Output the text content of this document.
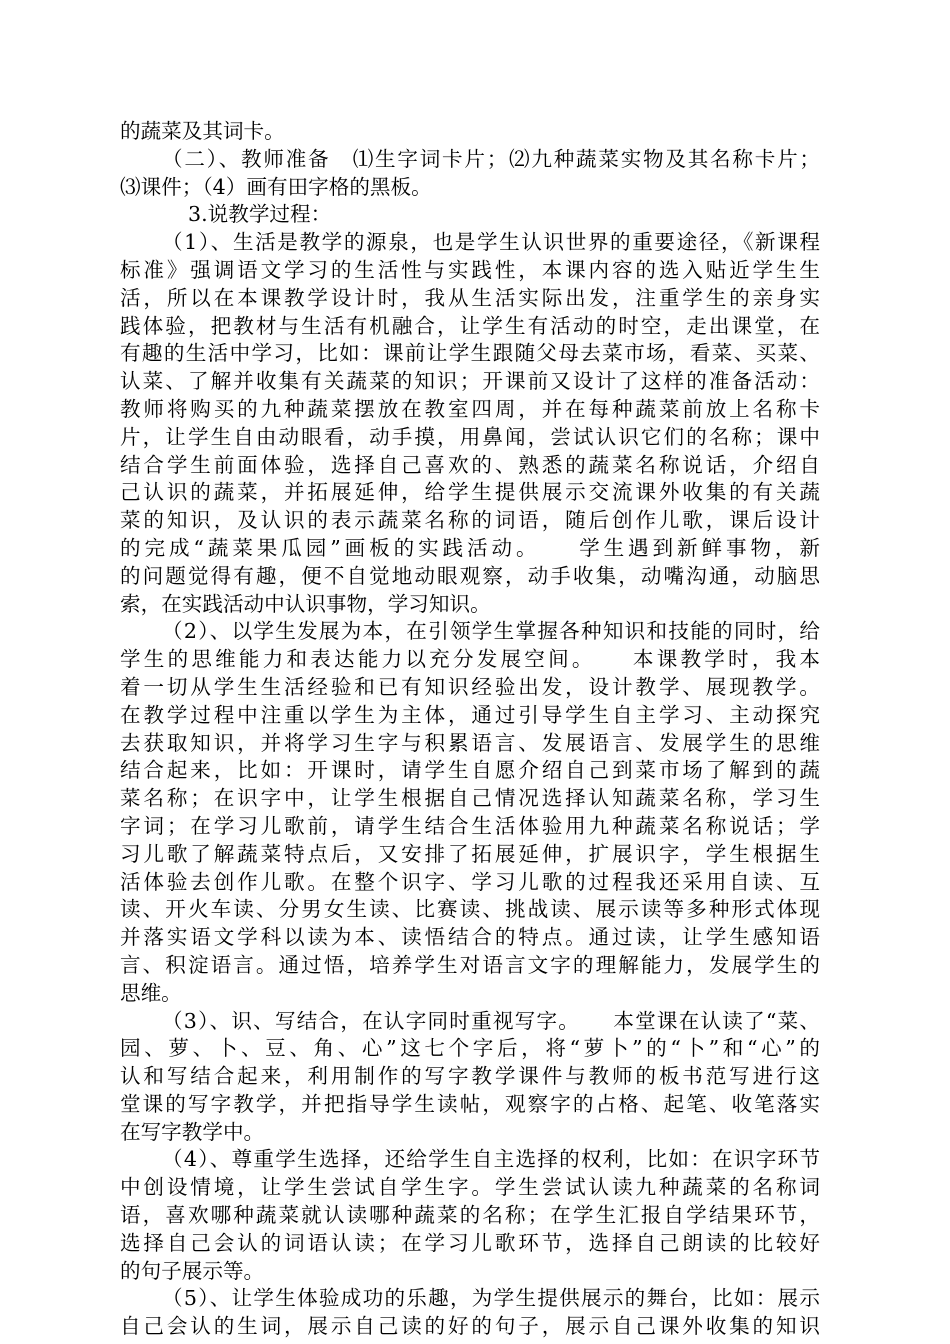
的蔬菜及其词卡。
（二）、教师准备　⑴生字词卡片；⑵九种蔬菜实物及其名称卡片；
⑶课件；（4）画有田字格的黑板。
3.说教学过程：
（1）、生活是教学的源泉，也是学生认识世界的重要途径，《新课程
标准》强调语文学习的生活性与实践性，本课内容的选入贴近学生生
活，所以在本课教学设计时，我从生活实际出发，注重学生的亲身实
践体验，把教材与生活有机融合，让学生有活动的时空，走出课堂，在
有趣的生活中学习，比如：课前让学生跟随父母去菜市场，看菜、买菜、
认菜、了解并收集有关蔬菜的知识；开课前又设计了这样的准备活动：
教师将购买的九种蔬菜摆放在教室四周，并在每种蔬菜前放上名称卡
片，让学生自由动眼看，动手摸，用鼻闻，尝试认识它们的名称；课中
结合学生前面体验，选择自己喜欢的、熟悉的蔬菜名称说话，介绍自
己认识的蔬菜，并拓展延伸，给学生提供展示交流课外收集的有关蔬
菜的知识，及认识的表示蔬菜名称的词语，随后创作儿歌，课后设计
的完成“蔬菜果瓜园”画板的实践活动。　　学生遇到新鲜事物，新
的问题觉得有趣，便不自觉地动眼观察，动手收集，动嘴沟通，动脑思
索，在实践活动中认识事物，学习知识。
（2）、以学生发展为本，在引领学生掌握各种知识和技能的同时，给
学生的思维能力和表达能力以充分发展空间。　　本课教学时，我本
着一切从学生生活经验和已有知识经验出发，设计教学、展现教学。
在教学过程中注重以学生为主体，通过引导学生自主学习、主动探究
去获取知识，并将学习生字与积累语言、发展语言、发展学生的思维
结合起来，比如：开课时，请学生自愿介绍自己到菜市场了解到的蔬
菜名称；在识字中，让学生根据自己情况选择认知蔬菜名称，学习生
字词；在学习儿歌前，请学生结合生活体验用九种蔬菜名称说话；学
习儿歌了解蔬菜特点后，又安排了拓展延伸，扩展识字，学生根据生
活体验去创作儿歌。在整个识字、学习儿歌的过程我还采用自读、互
读、开火车读、分男女生读、比赛读、挑战读、展示读等多种形式体现
并落实语文学科以读为本、读悟结合的特点。通过读，让学生感知语
言、积淀语言。通过悟，培养学生对语言文字的理解能力，发展学生的
思维。
（3）、识、写结合，在认字同时重视写字。　　本堂课在认读了“菜、
园、萝、卜、豆、角、心”这七个字后，将“萝卜”的“卜”和“心”的
认和写结合起来，利用制作的写字教学课件与教师的板书范写进行这
堂课的写字教学，并把指导学生读帖，观察字的占格、起笔、收笔落实
在写字教学中。
（4）、尊重学生选择，还给学生自主选择的权利，比如：在识字环节
中创设情境，让学生尝试自学生字。学生尝试认读九种蔬菜的名称词
语，喜欢哪种蔬菜就认读哪种蔬菜的名称；在学生汇报自学结果环节，
选择自己会认的词语认读；在学习儿歌环节，选择自己朗读的比较好
的句子展示等。
（5）、让学生体验成功的乐趣，为学生提供展示的舞台，比如：展示
自己会认的生词，展示自己读的好的句子，展示自己课外收集的知识
